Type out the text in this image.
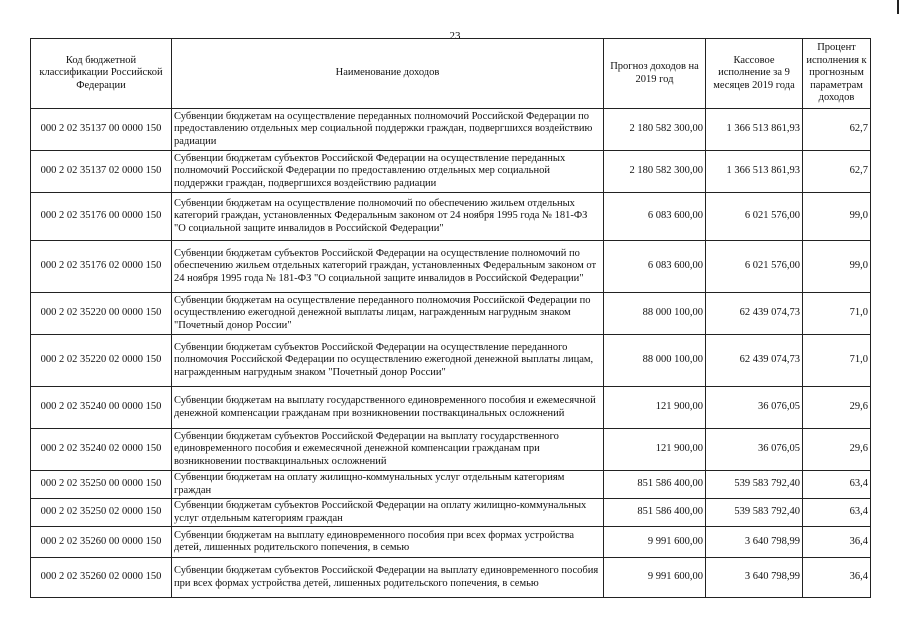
23
Код бюджетной классификации Российской Федерации	Наименование доходов	Прогноз доходов на 2019 год	Кассовое исполнение за 9 месяцев 2019 года	Процент исполнения к прогнозным параметрам доходов
000 2 02 35137 00 0000 150	Субвенции бюджетам на осуществление переданных полномочий Российской Федерации по предоставлению отдельных мер социальной поддержки граждан, подвергшихся воздействию радиации	2 180 582 300,00	1 366 513 861,93	62,7
000 2 02 35137 02 0000 150	Субвенции бюджетам субъектов Российской Федерации на осуществление переданных полномочий Российской Федерации по предоставлению отдельных мер социальной поддержки граждан, подвергшихся воздействию радиации	2 180 582 300,00	1 366 513 861,93	62,7
000 2 02 35176 00 0000 150	Субвенции бюджетам на осуществление полномочий по обеспечению жильем отдельных категорий граждан, установленных Федеральным законом от 24 ноября 1995 года № 181-ФЗ "О социальной защите инвалидов в Российской Федерации"	6 083 600,00	6 021 576,00	99,0
000 2 02 35176 02 0000 150	Субвенции бюджетам субъектов Российской Федерации на осуществление полномочий по обеспечению жильем отдельных категорий граждан, установленных Федеральным законом от 24 ноября 1995 года № 181-ФЗ "О социальной защите инвалидов в Российской Федерации"	6 083 600,00	6 021 576,00	99,0
000 2 02 35220 00 0000 150	Субвенции бюджетам на осуществление переданного полномочия Российской Федерации по осуществлению ежегодной денежной выплаты лицам, награжденным нагрудным знаком "Почетный донор России"	88 000 100,00	62 439 074,73	71,0
000 2 02 35220 02 0000 150	Субвенции бюджетам субъектов Российской Федерации на осуществление переданного полномочия Российской Федерации по осуществлению ежегодной денежной выплаты лицам, награжденным нагрудным знаком "Почетный донор России"	88 000 100,00	62 439 074,73	71,0
000 2 02 35240 00 0000 150	Субвенции бюджетам на выплату государственного единовременного пособия и ежемесячной денежной компенсации гражданам при возникновении поствакцинальных осложнений	121 900,00	36 076,05	29,6
000 2 02 35240 02 0000 150	Субвенции бюджетам субъектов Российской Федерации на выплату государственного единовременного пособия и ежемесячной денежной компенсации гражданам при возникновении поствакцинальных осложнений	121 900,00	36 076,05	29,6
000 2 02 35250 00 0000 150	Субвенции бюджетам на оплату жилищно-коммунальных услуг отдельным категориям граждан	851 586 400,00	539 583 792,40	63,4
000 2 02 35250 02 0000 150	Субвенции бюджетам субъектов Российской Федерации на оплату жилищно-коммунальных услуг отдельным категориям граждан	851 586 400,00	539 583 792,40	63,4
000 2 02 35260 00 0000 150	Субвенции бюджетам на выплату единовременного пособия при всех формах устройства детей, лишенных родительского попечения, в семью	9 991 600,00	3 640 798,99	36,4
000 2 02 35260 02 0000 150	Субвенции бюджетам субъектов Российской Федерации на выплату единовременного пособия при всех формах устройства детей, лишенных родительского попечения, в семью	9 991 600,00	3 640 798,99	36,4
